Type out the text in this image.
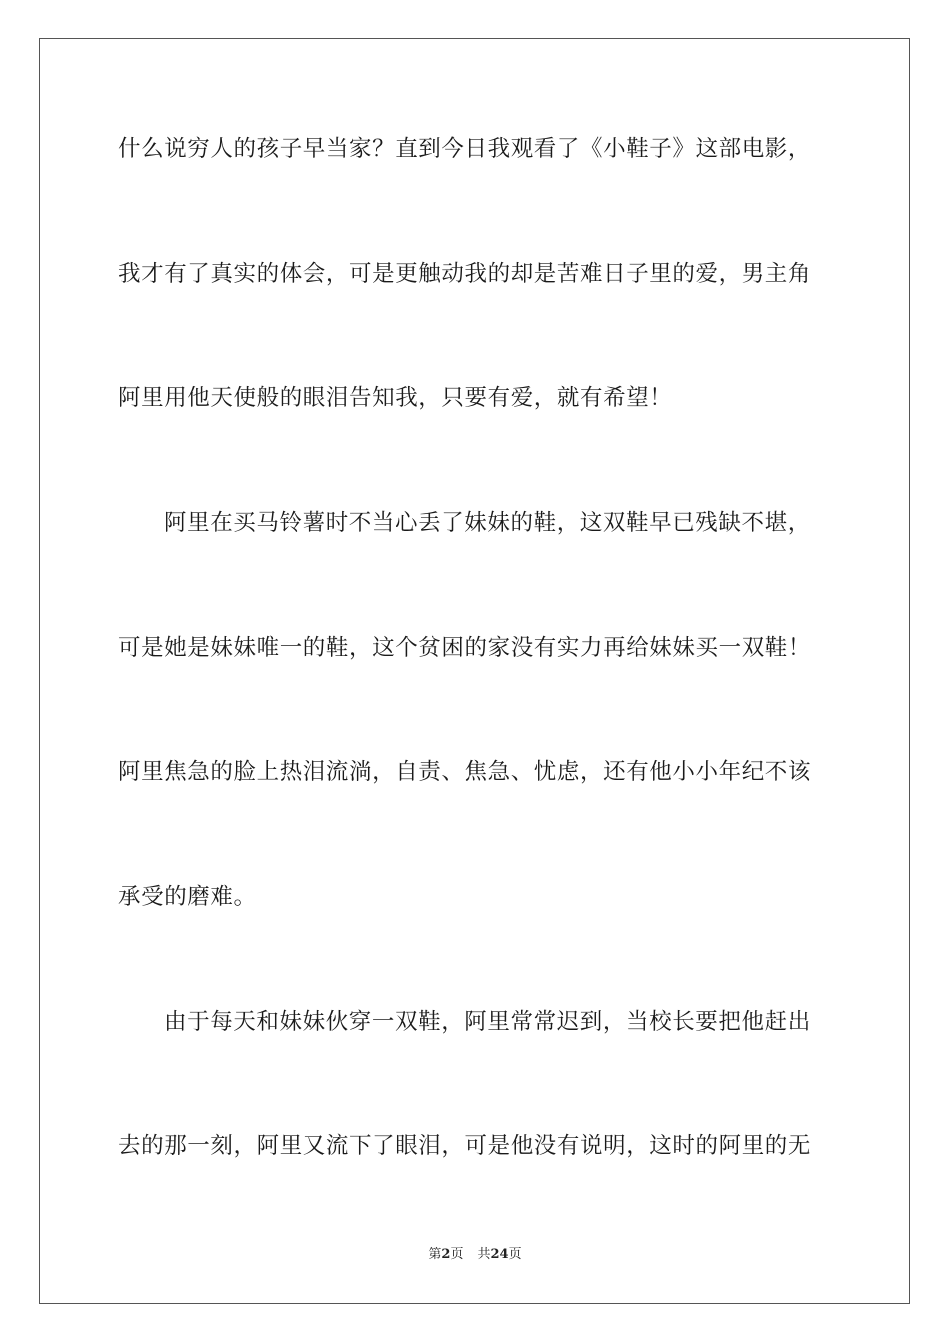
什么说穷人的孩子早当家？直到今日我观看了《小鞋子》这部电影，
我才有了真实的体会，可是更触动我的却是苦难日子里的爱，男主角
阿里用他天使般的眼泪告知我，只要有爱，就有希望！
阿里在买马铃薯时不当心丢了妹妹的鞋，这双鞋早已残缺不堪，
可是她是妹妹唯一的鞋，这个贫困的家没有实力再给妹妹买一双鞋！
阿里焦急的脸上热泪流淌，自责、焦急、忧虑，还有他小小年纪不该
承受的磨难。
由于每天和妹妹伙穿一双鞋，阿里常常迟到，当校长要把他赶出
去的那一刻，阿里又流下了眼泪，可是他没有说明，这时的阿里的无
第2页 共24页
